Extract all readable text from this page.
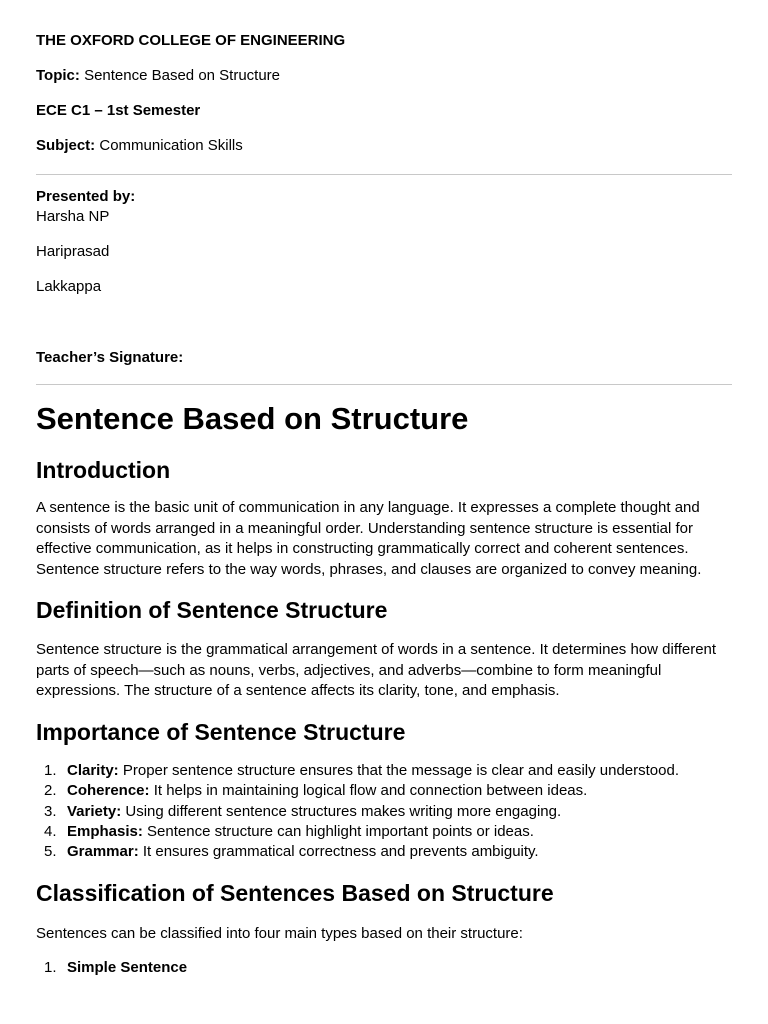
THE OXFORD COLLEGE OF ENGINEERING

Topic: Sentence Based on Structure

ECE C1 – 1st Semester

Subject: Communication Skills

Presented by:

Harsha NP

Hariprasad

Lakkappa

Teacher’s Signature:

Sentence Based on Structure
Introduction

A sentence is the basic unit of communication in any language. It expresses a complete thought and consists of words arranged in a meaningful order. Understanding sentence structure is essential for effective communication, as it helps in constructing grammatically correct and coherent sentences. Sentence structure refers to the way words, phrases, and clauses are organized to convey meaning.

Definition of Sentence Structure

Sentence structure is the grammatical arrangement of words in a sentence. It determines how different parts of speech—such as nouns, verbs, adjectives, and adverbs—combine to form meaningful expressions. The structure of a sentence affects its clarity, tone, and emphasis.

Importance of Sentence Structure
1. Clarity: Proper sentence structure ensures that the message is clear and easily understood.
2. Coherence: It helps in maintaining logical flow and connection between ideas.
3. Variety: Using different sentence structures makes writing more engaging.
4. Emphasis: Sentence structure can highlight important points or ideas.
5. Grammar: It ensures grammatical correctness and prevents ambiguity.
Classification of Sentences Based on Structure

Sentences can be classified into four main types based on their structure:

1. Simple Sentence
